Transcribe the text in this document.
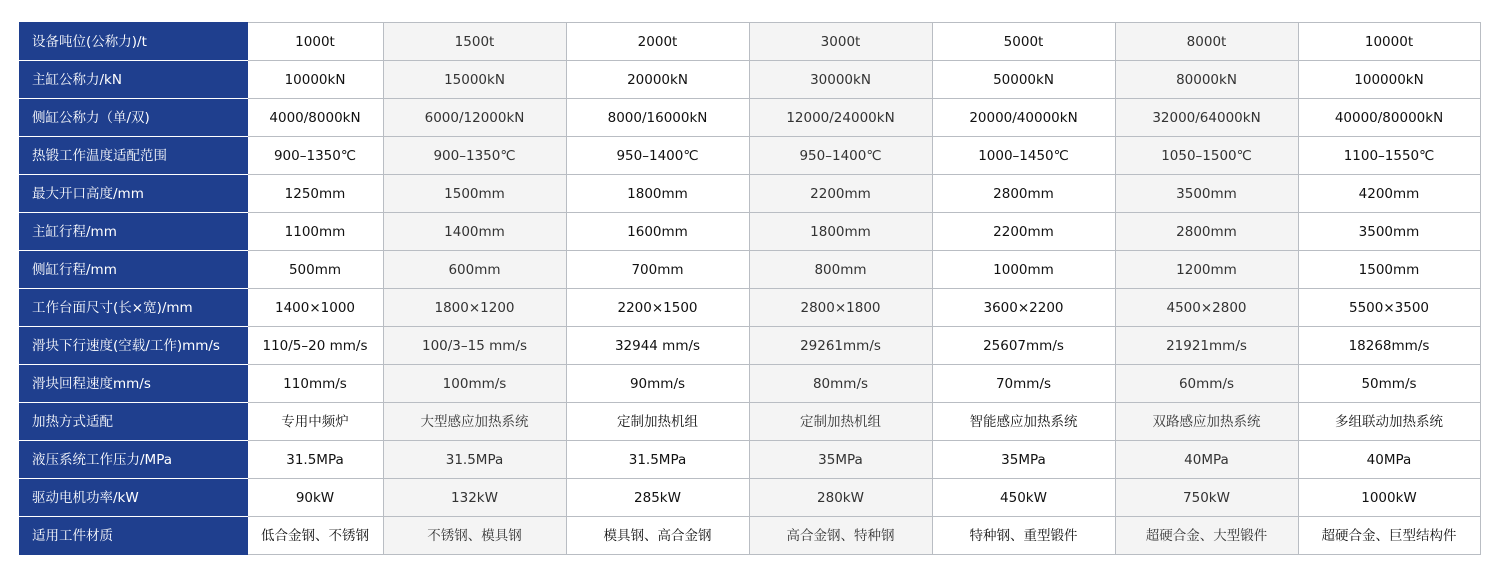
设备吨位(公称力)/t	1000t	1500t	2000t	3000t	5000t	8000t	10000t
主缸公称力/kN	10000kN	15000kN	20000kN	30000kN	50000kN	80000kN	100000kN
侧缸公称力（单/双)	4000/8000kN	6000/12000kN	8000/16000kN	12000/24000kN	20000/40000kN	32000/64000kN	40000/80000kN
热锻工作温度适配范围	900–1350℃	900–1350℃	950–1400℃	950–1400℃	1000–1450℃	1050–1500℃	1100–1550℃
最大开口高度/mm	1250mm	1500mm	1800mm	2200mm	2800mm	3500mm	4200mm
主缸行程/mm	1100mm	1400mm	1600mm	1800mm	2200mm	2800mm	3500mm
侧缸行程/mm	500mm	600mm	700mm	800mm	1000mm	1200mm	1500mm
工作台面尺寸(长×宽)/mm	1400×1000	1800×1200	2200×1500	2800×1800	3600×2200	4500×2800	5500×3500
滑块下行速度(空载/工作)mm/s	110/5–20 mm/s	100/3–15 mm/s	32944 mm/s	29261mm/s	25607mm/s	21921mm/s	18268mm/s
滑块回程速度mm/s	110mm/s	100mm/s	90mm/s	80mm/s	70mm/s	60mm/s	50mm/s
加热方式适配	专用中频炉	大型感应加热系统	定制加热机组	定制加热机组	智能感应加热系统	双路感应加热系统	多组联动加热系统
液压系统工作压力/MPa	31.5MPa	31.5MPa	31.5MPa	35MPa	35MPa	40MPa	40MPa
驱动电机功率/kW	90kW	132kW	285kW	280kW	450kW	750kW	1000kW
适用工件材质	低合金钢、不锈钢	不锈钢、模具钢	模具钢、高合金钢	高合金钢、特种钢	特种钢、重型锻件	超硬合金、大型锻件	超硬合金、巨型结构件
